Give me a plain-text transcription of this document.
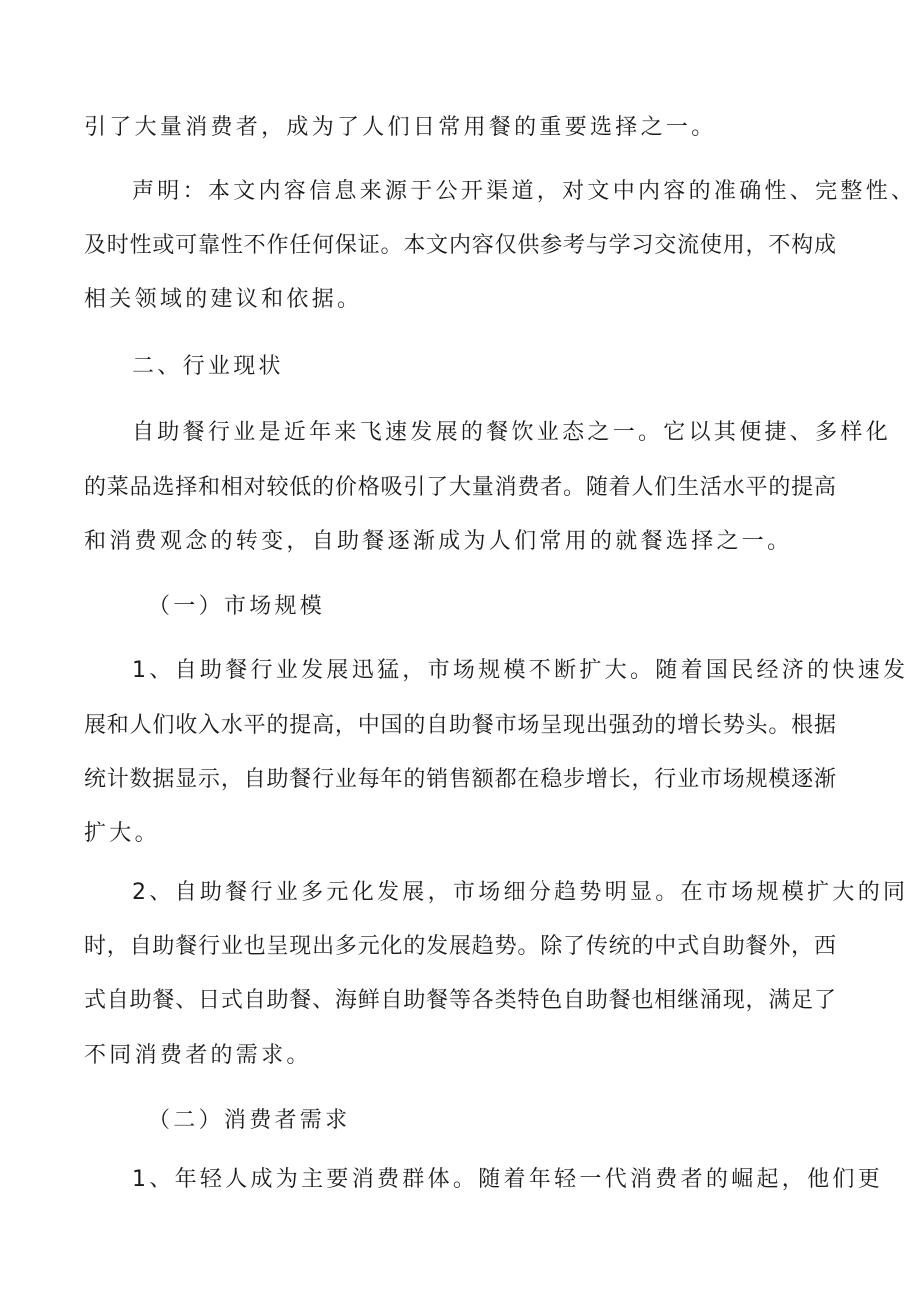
引了大量消费者，成为了人们日常用餐的重要选择之一。
声明：本文内容信息来源于公开渠道，对文中内容的准确性、完整性、
及时性或可靠性不作任何保证。本文内容仅供参考与学习交流使用，不构成
相关领域的建议和依据。
二、行业现状
自助餐行业是近年来飞速发展的餐饮业态之一。它以其便捷、多样化
的菜品选择和相对较低的价格吸引了大量消费者。随着人们生活水平的提高
和消费观念的转变，自助餐逐渐成为人们常用的就餐选择之一。
（一）市场规模
1、自助餐行业发展迅猛，市场规模不断扩大。随着国民经济的快速发
展和人们收入水平的提高，中国的自助餐市场呈现出强劲的增长势头。根据
统计数据显示，自助餐行业每年的销售额都在稳步增长，行业市场规模逐渐
扩大。
2、自助餐行业多元化发展，市场细分趋势明显。在市场规模扩大的同
时，自助餐行业也呈现出多元化的发展趋势。除了传统的中式自助餐外，西
式自助餐、日式自助餐、海鲜自助餐等各类特色自助餐也相继涌现，满足了
不同消费者的需求。
（二）消费者需求
1、年轻人成为主要消费群体。随着年轻一代消费者的崛起，他们更
